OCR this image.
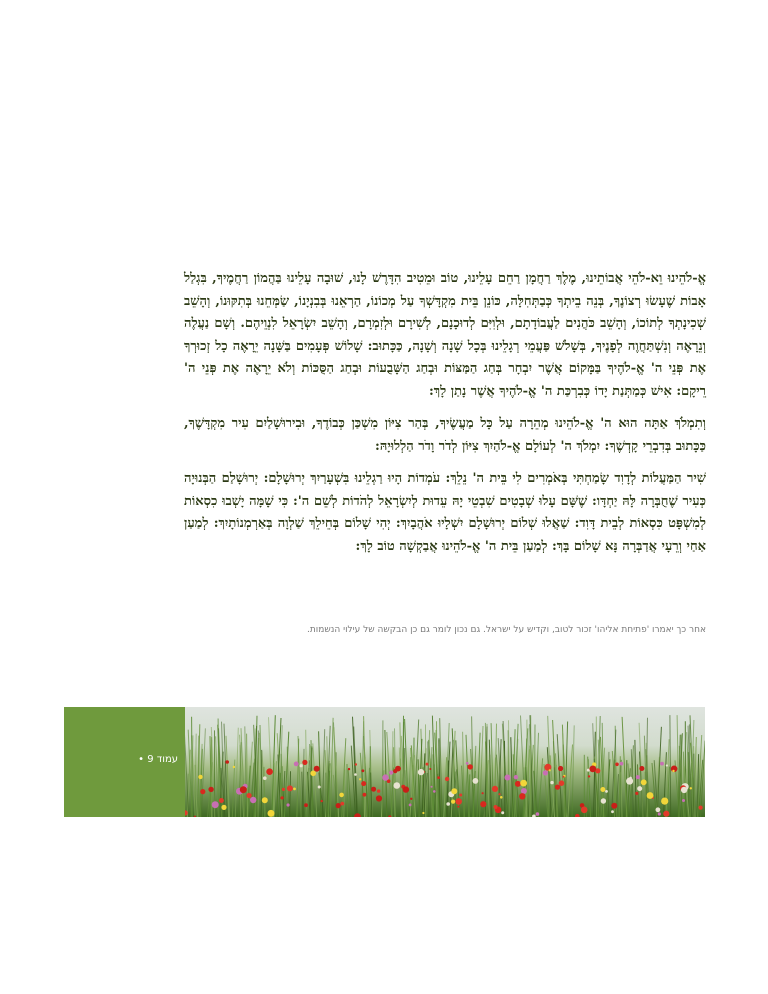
אֱ-לֹהֵינוּ וֵא-לֹהֵי אֲבוֹתֵינוּ, מֶלֶךְ רַחֲמָן רַחֵם עָלֵינוּ, טוֹב וּמֵטִיב הִדָּרֶשׁ לָנוּ, שׁוּבָה עָלֵינוּ בַּהֲמוֹן רַחֲמֶיךָ, בִּגְלַל אָבוֹת שֶׁעָשׂוּ רְצוֹנֶךָ, בְּנֵה בֵיתְךָ כְּבַתְּחִלָּה, כּוֹנֵן בֵּית מִקְדָּשְׁךָ עַל מְכוֹנוֹ, הַרְאֵנוּ בְּבִנְיָנוֹ, שַׂמְּחֵנוּ בְּתִקּוּנוֹ, וְהָשֵׁב שְׁכִינָתְךָ לְתוֹכוֹ, וְהָשֵׁב כֹּהֲנִים לַעֲבוֹדָתָם, וּלְוִיִּם לְדוּכָנָם, לְשִׁירָם וּלְזִמְרָם, וְהָשֵׁב יִשְׂרָאֵל לִנְוֵיהֶם. וְשָׁם נַעֲלֶה וְנֵרָאֶה וְנִשְׁתַּחֲוֶה לְפָנֶיךָ, בְּשָׁלֹשׁ פַּעֲמֵי רְגָלֵינוּ בְּכָל שָׁנָה וְשָׁנָה, כַּכָּתוּב: שָׁלוֹשׁ פְּעָמִים בַּשָּׁנָה יֵרָאֶה כָל זְכוּרְךָ אֶת פְּנֵי ה' אֱ-לֹהֶיךָ בַּמָּקוֹם אֲשֶׁר יִבְחָר בְּחַג הַמַּצּוֹת וּבְחַג הַשָּׁבֻעוֹת וּבְחַג הַסֻּכּוֹת וְלֹא יֵרָאֶה אֶת פְּנֵי ה' רֵיקָם: אִישׁ כְּמַתְּנַת יָדוֹ כְּבִרְכַּת ה' אֱ-לֹהֶיךָ אֲשֶׁר נָתַן לָךְ:

וְתִמְלֹךְ אַתָּה הוּא ה' אֱ-לֹהֵינוּ מְהֵרָה עַל כָּל מַעֲשֶׂיךָ, בְּהַר צִיּוֹן מִשְׁכַּן כְּבוֹדֶךָ, וּבִירוּשָׁלַיִם עִיר מִקְדָּשֶׁךָ, כַּכָּתוּב בְּדִבְרֵי קָדְשֶׁךָ: יִמְלֹךְ ה' לְעוֹלָם אֱ-לֹהַיִךְ צִיּוֹן לְדֹר וָדֹר הַלְלוּיָהּ:

שִׁיר הַמַּעֲלוֹת לְדָוִד שָׂמַחְתִּי בְּאֹמְרִים לִי בֵּית ה' נֵלֵךְ: עֹמְדוֹת הָיוּ רַגְלֵינוּ בִּשְׁעָרַיִךְ יְרוּשָׁלָם: יְרוּשָׁלַם הַבְּנוּיָה כְּעִיר שֶׁחֻבְּרָה לָּהּ יַחְדָּו: שֶׁשָּׁם עָלוּ שְׁבָטִים שִׁבְטֵי יָהּ עֵדוּת לְיִשְׂרָאֵל לְהֹדוֹת לְשֵׁם ה': כִּי שָׁמָּה יָשְׁבוּ כִסְאוֹת לְמִשְׁפָּט כִּסְאוֹת לְבֵית דָּוִד: שַׁאֲלוּ שְׁלוֹם יְרוּשָׁלָם יִשְׁלָיוּ אֹהֲבָיִךְ: יְהִי שָׁלוֹם בְּחֵילֵךְ שַׁלְוָה בְּאַרְמְנוֹתָיִךְ: לְמַעַן אַחַי וְרֵעָי אֲדַבְּרָה נָּא שָׁלוֹם בָּךְ: לְמַעַן בֵּית ה' אֱ-לֹהֵינוּ אֲבַקְשָׁה טוֹב לָךְ:

אחר כך יאמרו 'פתיחת אליהו' זכור לטוב, וקדיש על ישראל. גם נכון לומר גם כן הבקשה של עילוי הנשמות.
עמוד 9 •
